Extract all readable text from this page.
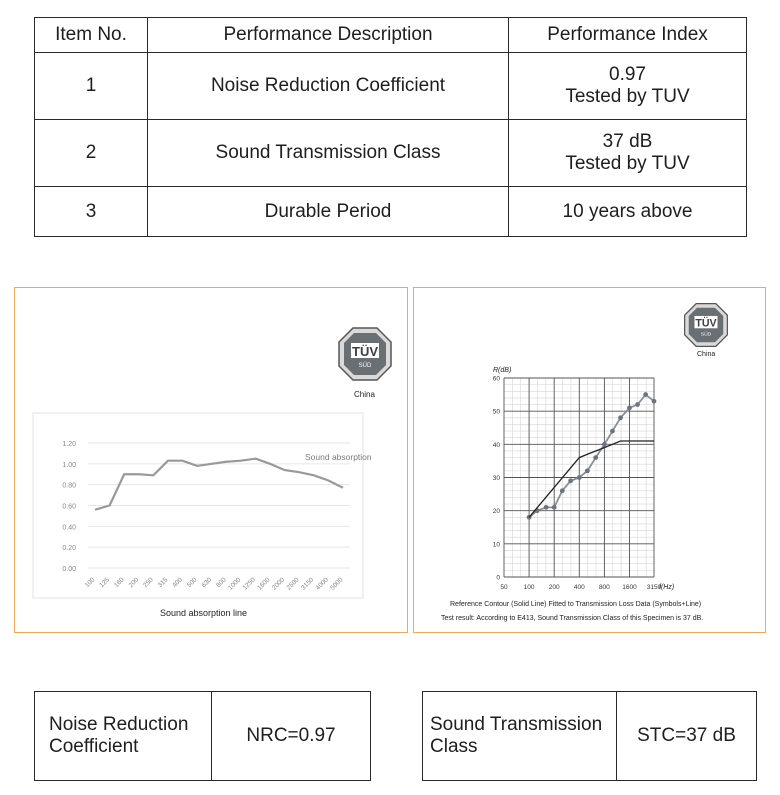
Item No.	Performance Description	Performance Index
1	Noise Reduction Coefficient	0.97
Tested by TUV

2	Sound Transmission Class	37 dB
Tested by TUV

3	Durable Period	10 years above
0.00
0.20
0.40
0.60
0.80
1.00
1.20
100 125 160 200 250 315 400 500 630 800 1000 1250 1600 2000 2500 3150 4000 5000
TÜV
SÜD
China
Sound absorption
Sound absorption line
50 100 200 400 800 1600 3150
0
10
20
30
40
50
60
R(dB)
f(Hz)
TÜV
SÜD
China
Reference Contour (Solid Line) Fitted to Transmission Loss Data (Symbols+Line)
Test result: According to E413, Sound Transmission Class of this Specimen is 37 dB.
Noise Reduction Coefficient	NRC=0.97
Sound Transmission Class	STC=37 dB
